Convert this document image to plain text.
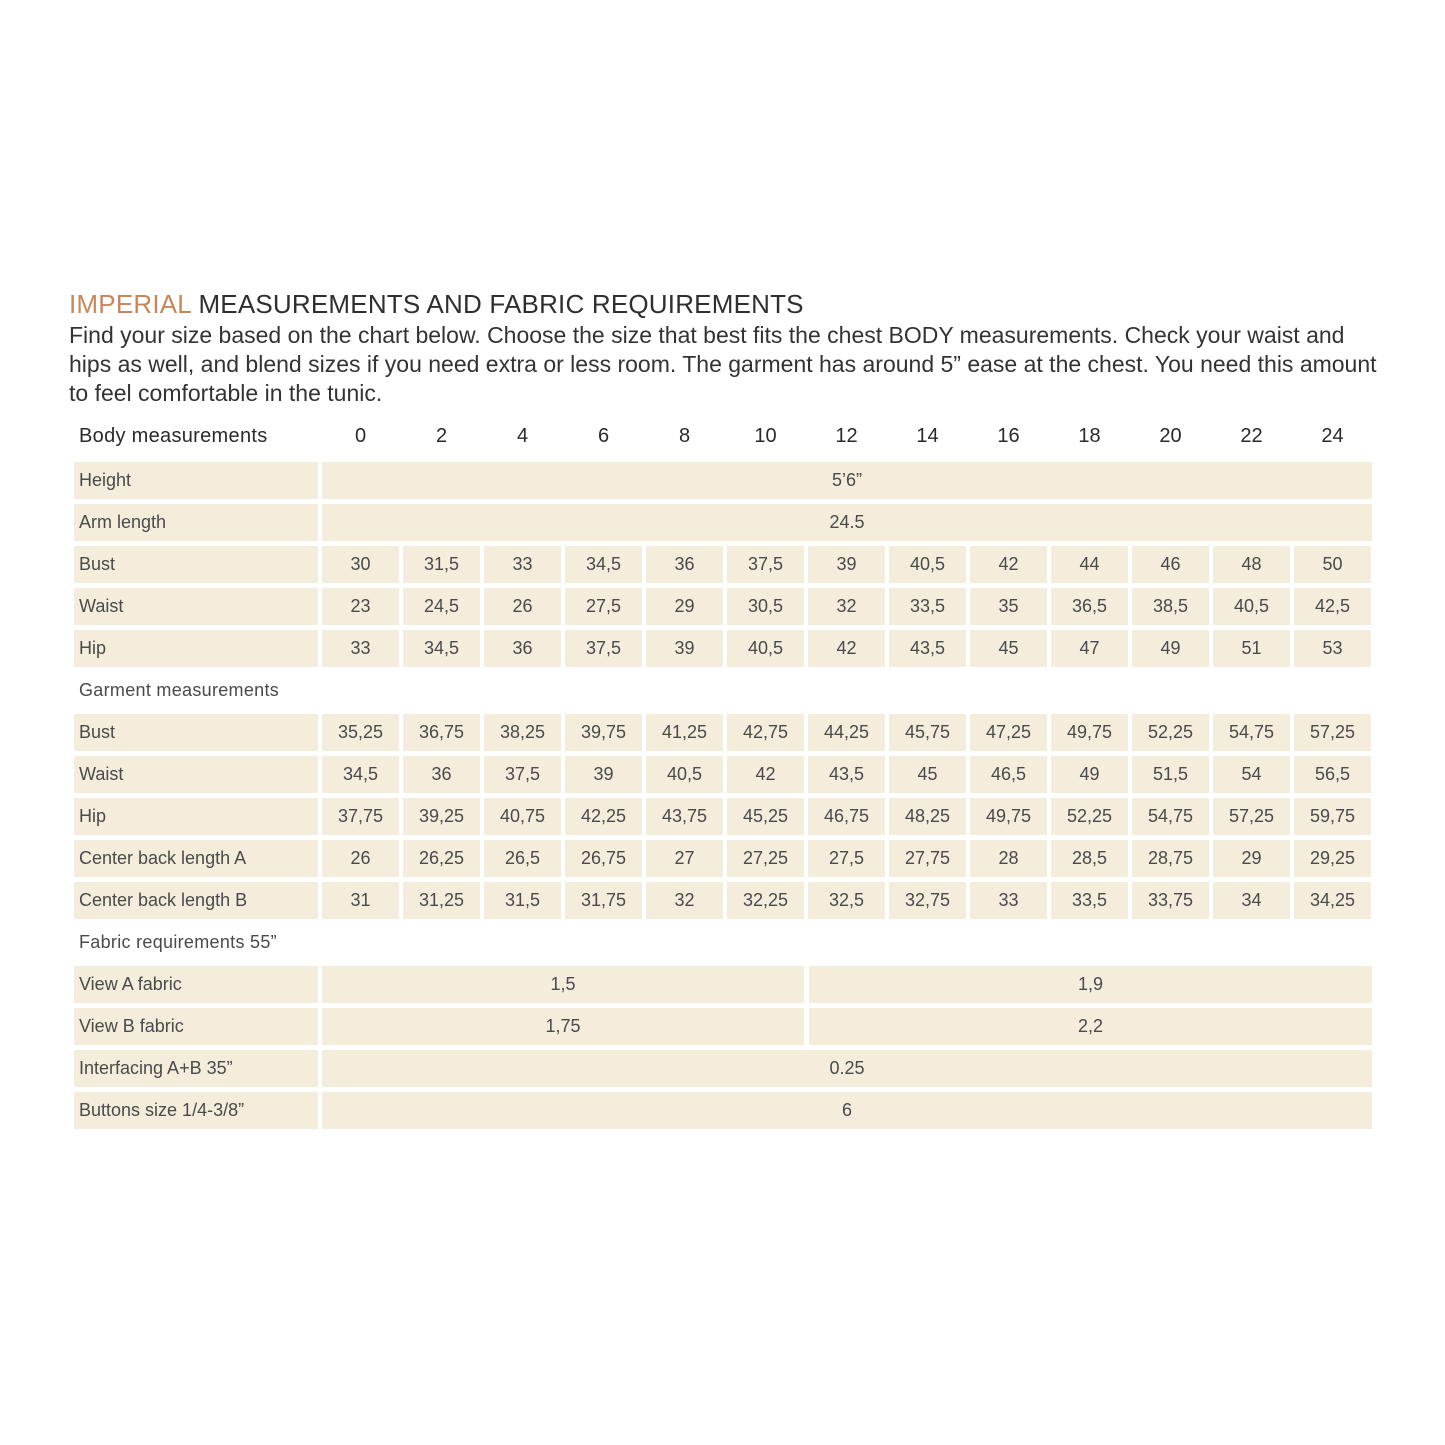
IMPERIAL MEASUREMENTS AND FABRIC REQUIREMENTS
Find your size based on the chart below. Choose the size that best fits the chest BODY measurements. Check your waist and hips as well, and blend sizes if you need extra or less room. The garment has around 5” ease at the chest. You need this amount to feel comfortable in the tunic.
Body measurements	0	2	4	6	8	10	12	14	16	18	20	22	24
Height	5’6”
Arm length	24.5
Bust	30	31,5	33	34,5	36	37,5	39	40,5	42	44	46	48	50
Waist	23	24,5	26	27,5	29	30,5	32	33,5	35	36,5	38,5	40,5	42,5
Hip	33	34,5	36	37,5	39	40,5	42	43,5	45	47	49	51	53
Garment measurements
Bust	35,25	36,75	38,25	39,75	41,25	42,75	44,25	45,75	47,25	49,75	52,25	54,75	57,25
Waist	34,5	36	37,5	39	40,5	42	43,5	45	46,5	49	51,5	54	56,5
Hip	37,75	39,25	40,75	42,25	43,75	45,25	46,75	48,25	49,75	52,25	54,75	57,25	59,75
Center back length A	26	26,25	26,5	26,75	27	27,25	27,5	27,75	28	28,5	28,75	29	29,25
Center back length B	31	31,25	31,5	31,75	32	32,25	32,5	32,75	33	33,5	33,75	34	34,25
Fabric requirements 55”
View A fabric	1,5	1,9
View B fabric	1,75	2,2
Interfacing A+B 35”	0.25
Buttons size 1/4-3/8”	6
